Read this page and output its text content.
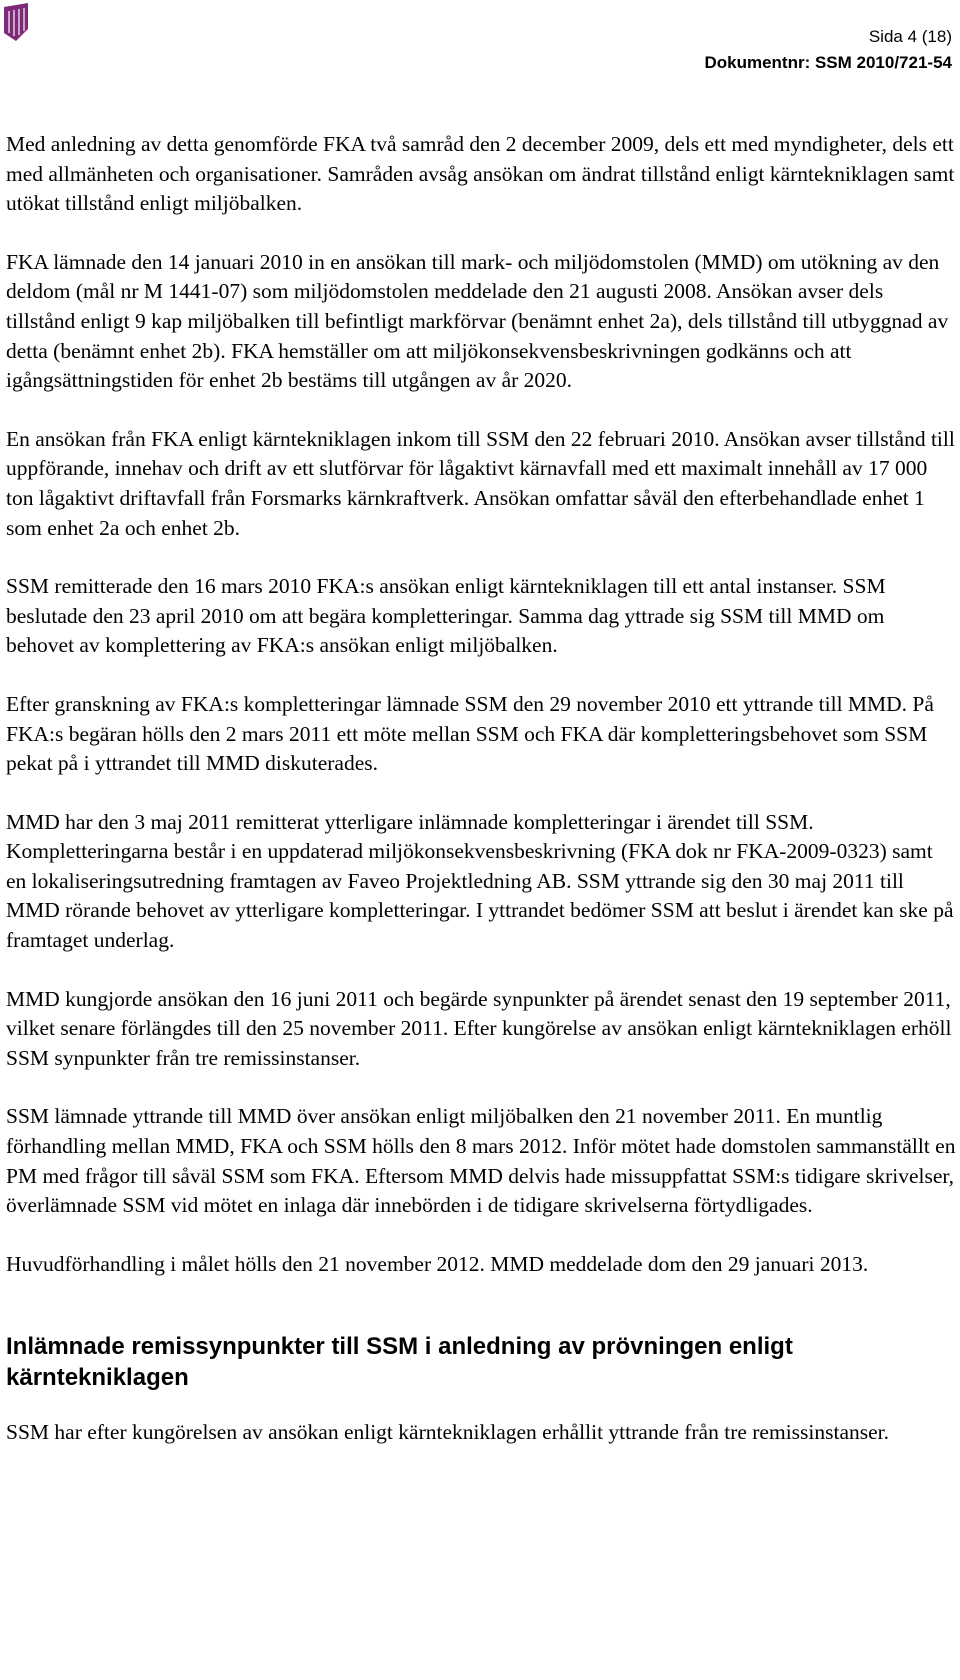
Sida 4 (18)
Dokumentnr: SSM 2010/721-54

Med anledning av detta genomförde FKA två samråd den 2 december 2009, dels ett med myndigheter, dels ett med allmänheten och organisationer. Samråden avsåg ansökan om ändrat tillstånd enligt kärntekniklagen samt utökat tillstånd enligt miljöbalken.

FKA lämnade den 14 januari 2010 in en ansökan till mark- och miljödomstolen (MMD) om utökning av den deldom (mål nr M 1441-07) som miljödomstolen meddelade den 21 augusti 2008. Ansökan avser dels tillstånd enligt 9 kap miljöbalken till befintligt markförvar (benämnt enhet 2a), dels tillstånd till utbyggnad av detta (benämnt enhet 2b). FKA hemställer om att miljökonsekvensbeskrivningen godkänns och att igångsättningstiden för enhet 2b bestäms till utgången av år 2020.

En ansökan från FKA enligt kärntekniklagen inkom till SSM den 22 februari 2010. Ansökan avser tillstånd till uppförande, innehav och drift av ett slutförvar för lågaktivt kärnavfall med ett maximalt innehåll av 17 000 ton lågaktivt driftavfall från Forsmarks kärnkraftverk. Ansökan omfattar såväl den efterbehandlade enhet 1 som enhet 2a och enhet 2b.

SSM remitterade den 16 mars 2010 FKA:s ansökan enligt kärntekniklagen till ett antal instanser. SSM beslutade den 23 april 2010 om att begära kompletteringar. Samma dag yttrade sig SSM till MMD om behovet av komplettering av FKA:s ansökan enligt miljöbalken.

Efter granskning av FKA:s kompletteringar lämnade SSM den 29 november 2010 ett yttrande till MMD. På FKA:s begäran hölls den 2 mars 2011 ett möte mellan SSM och FKA där kompletteringsbehovet som SSM pekat på i yttrandet till MMD diskuterades.

MMD har den 3 maj 2011 remitterat ytterligare inlämnade kompletteringar i ärendet till SSM. Kompletteringarna består i en uppdaterad miljökonsekvensbeskrivning (FKA dok nr FKA-2009-0323) samt en lokaliseringsutredning framtagen av Faveo Projektledning AB. SSM yttrande sig den 30 maj 2011 till MMD rörande behovet av ytterligare kompletteringar. I yttrandet bedömer SSM att beslut i ärendet kan ske på framtaget underlag.

MMD kungjorde ansökan den 16 juni 2011 och begärde synpunkter på ärendet senast den 19 september 2011, vilket senare förlängdes till den 25 november 2011. Efter kungörelse av ansökan enligt kärntekniklagen erhöll SSM synpunkter från tre remissinstanser.

SSM lämnade yttrande till MMD över ansökan enligt miljöbalken den 21 november 2011. En muntlig förhandling mellan MMD, FKA och SSM hölls den 8 mars 2012. Inför mötet hade domstolen sammanställt en PM med frågor till såväl SSM som FKA. Eftersom MMD delvis hade missuppfattat SSM:s tidigare skrivelser, överlämnade SSM vid mötet en inlaga där innebörden i de tidigare skrivelserna förtydligades.

Huvudförhandling i målet hölls den 21 november 2012. MMD meddelade dom den 29 januari 2013.

Inlämnade remissynpunkter till SSM i anledning av prövningen enligt kärntekniklagen

SSM har efter kungörelsen av ansökan enligt kärntekniklagen erhållit yttrande från tre remissinstanser.
